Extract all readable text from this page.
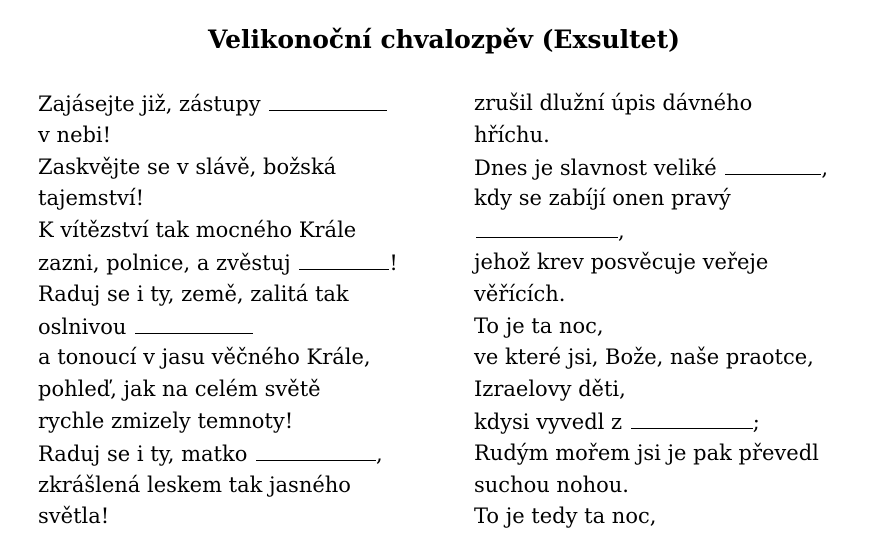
Velikonoční chvalozpěv (Exsultet)
Zajásejte již, zástupy
v nebi!
Zaskvějte se v slávě, božská
tajemství!
K vítězství tak mocného Krále
zazni, polnice, a zvěstuj	!
Raduj se i ty, země, zalitá tak
oslnivou
a tonoucí v jasu věčného Krále,
pohleď, jak na celém světě
rychle zmizely temnoty!
Raduj se i ty, matko	,
zkrášlená leskem tak jasného
světla!
zrušil dlužní úpis dávného
hříchu.
Dnes je slavnost veliké	,
kdy se zabíjí onen pravý
,
jehož krev posvěcuje veřeje
věřících.
To je ta noc,
ve které jsi, Bože, naše praotce,
Izraelovy děti,
kdysi vyvedl z	;
Rudým mořem jsi je pak převedl
suchou nohou.
To je tedy ta noc,
